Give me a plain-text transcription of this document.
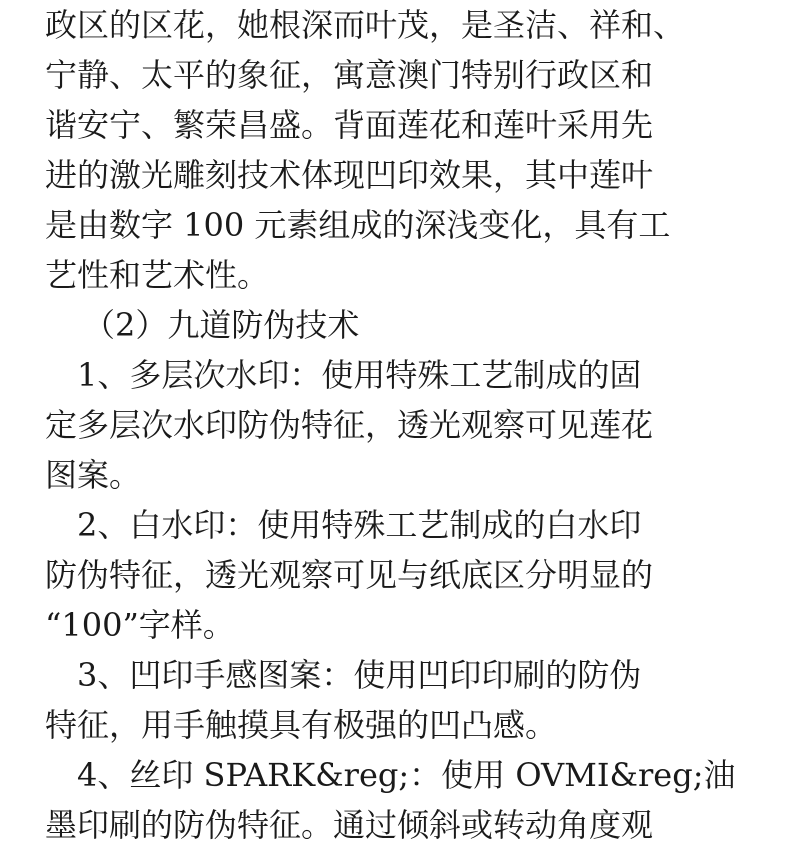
政区的区花，她根深而叶茂，是圣洁、祥和、
宁静、太平的象征，寓意澳门特别行政区和
谐安宁、繁荣昌盛。背面莲花和莲叶采用先
进的激光雕刻技术体现凹印效果，其中莲叶
是由数字 100 元素组成的深浅变化，具有工
艺性和艺术性。
（2）九道防伪技术
1、多层次水印：使用特殊工艺制成的固
定多层次水印防伪特征，透光观察可见莲花
图案。
2、白水印：使用特殊工艺制成的白水印
防伪特征，透光观察可见与纸底区分明显的
“100”字样。
3、凹印手感图案：使用凹印印刷的防伪
特征，用手触摸具有极强的凹凸感。
4、丝印 SPARK&reg;：使用 OVMI&reg;油
墨印刷的防伪特征。通过倾斜或转动角度观
